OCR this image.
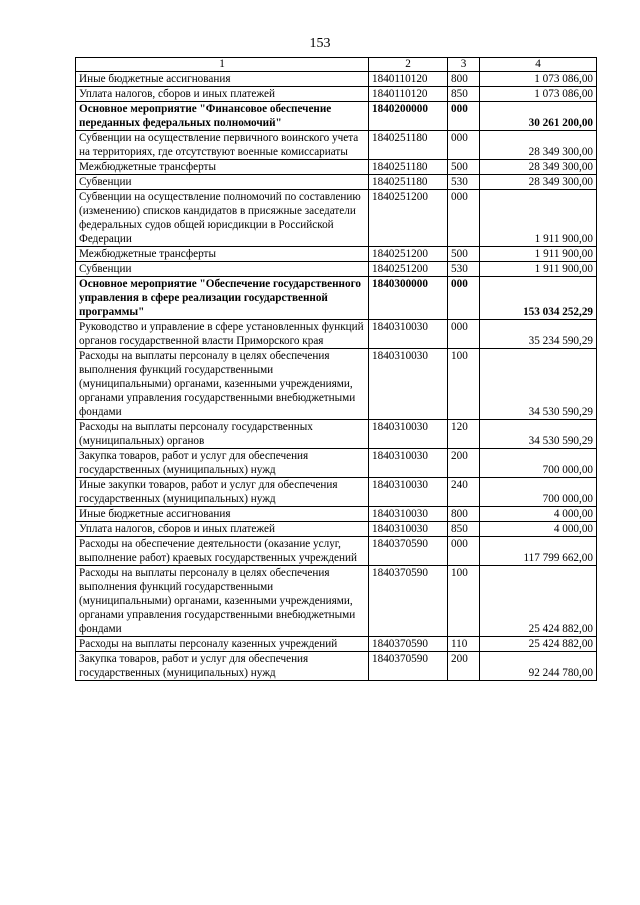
153
1	2	3	4
Иные бюджетные ассигнования	1840110120	800	1 073 086,00
Уплата налогов, сборов и иных платежей	1840110120	850	1 073 086,00
Основное мероприятие "Финансовое обеспечение переданных федеральных полномочий"	1840200000	000	30 261 200,00
Субвенции на осуществление первичного воинского учета на территориях, где отсутствуют военные комиссариаты	1840251180	000	28 349 300,00
Межбюджетные трансферты	1840251180	500	28 349 300,00
Субвенции	1840251180	530	28 349 300,00
Субвенции на осуществление полномочий по составлению (изменению) списков кандидатов в присяжные заседатели федеральных судов общей юрисдикции в Российской Федерации	1840251200	000	1 911 900,00
Межбюджетные трансферты	1840251200	500	1 911 900,00
Субвенции	1840251200	530	1 911 900,00
Основное мероприятие "Обеспечение государственного управления в сфере реализации государственной программы"	1840300000	000	153 034 252,29
Руководство и управление в сфере установленных функций органов государственной власти Приморского края	1840310030	000	35 234 590,29
Расходы на выплаты персоналу в целях обеспечения выполнения функций государственными (муниципальными) органами, казенными учреждениями, органами управления государственными внебюджетными фондами	1840310030	100	34 530 590,29
Расходы на выплаты персоналу государственных (муниципальных) органов	1840310030	120	34 530 590,29
Закупка товаров, работ и услуг для обеспечения государственных (муниципальных) нужд	1840310030	200	700 000,00
Иные закупки товаров, работ и услуг для обеспечения государственных (муниципальных) нужд	1840310030	240	700 000,00
Иные бюджетные ассигнования	1840310030	800	4 000,00
Уплата налогов, сборов и иных платежей	1840310030	850	4 000,00
Расходы на обеспечение деятельности (оказание услуг, выполнение работ) краевых государственных учреждений	1840370590	000	117 799 662,00
Расходы на выплаты персоналу в целях обеспечения выполнения функций государственными (муниципальными) органами, казенными учреждениями, органами управления государственными внебюджетными фондами	1840370590	100	25 424 882,00
Расходы на выплаты персоналу казенных учреждений	1840370590	110	25 424 882,00
Закупка товаров, работ и услуг для обеспечения государственных (муниципальных) нужд	1840370590	200	92 244 780,00
